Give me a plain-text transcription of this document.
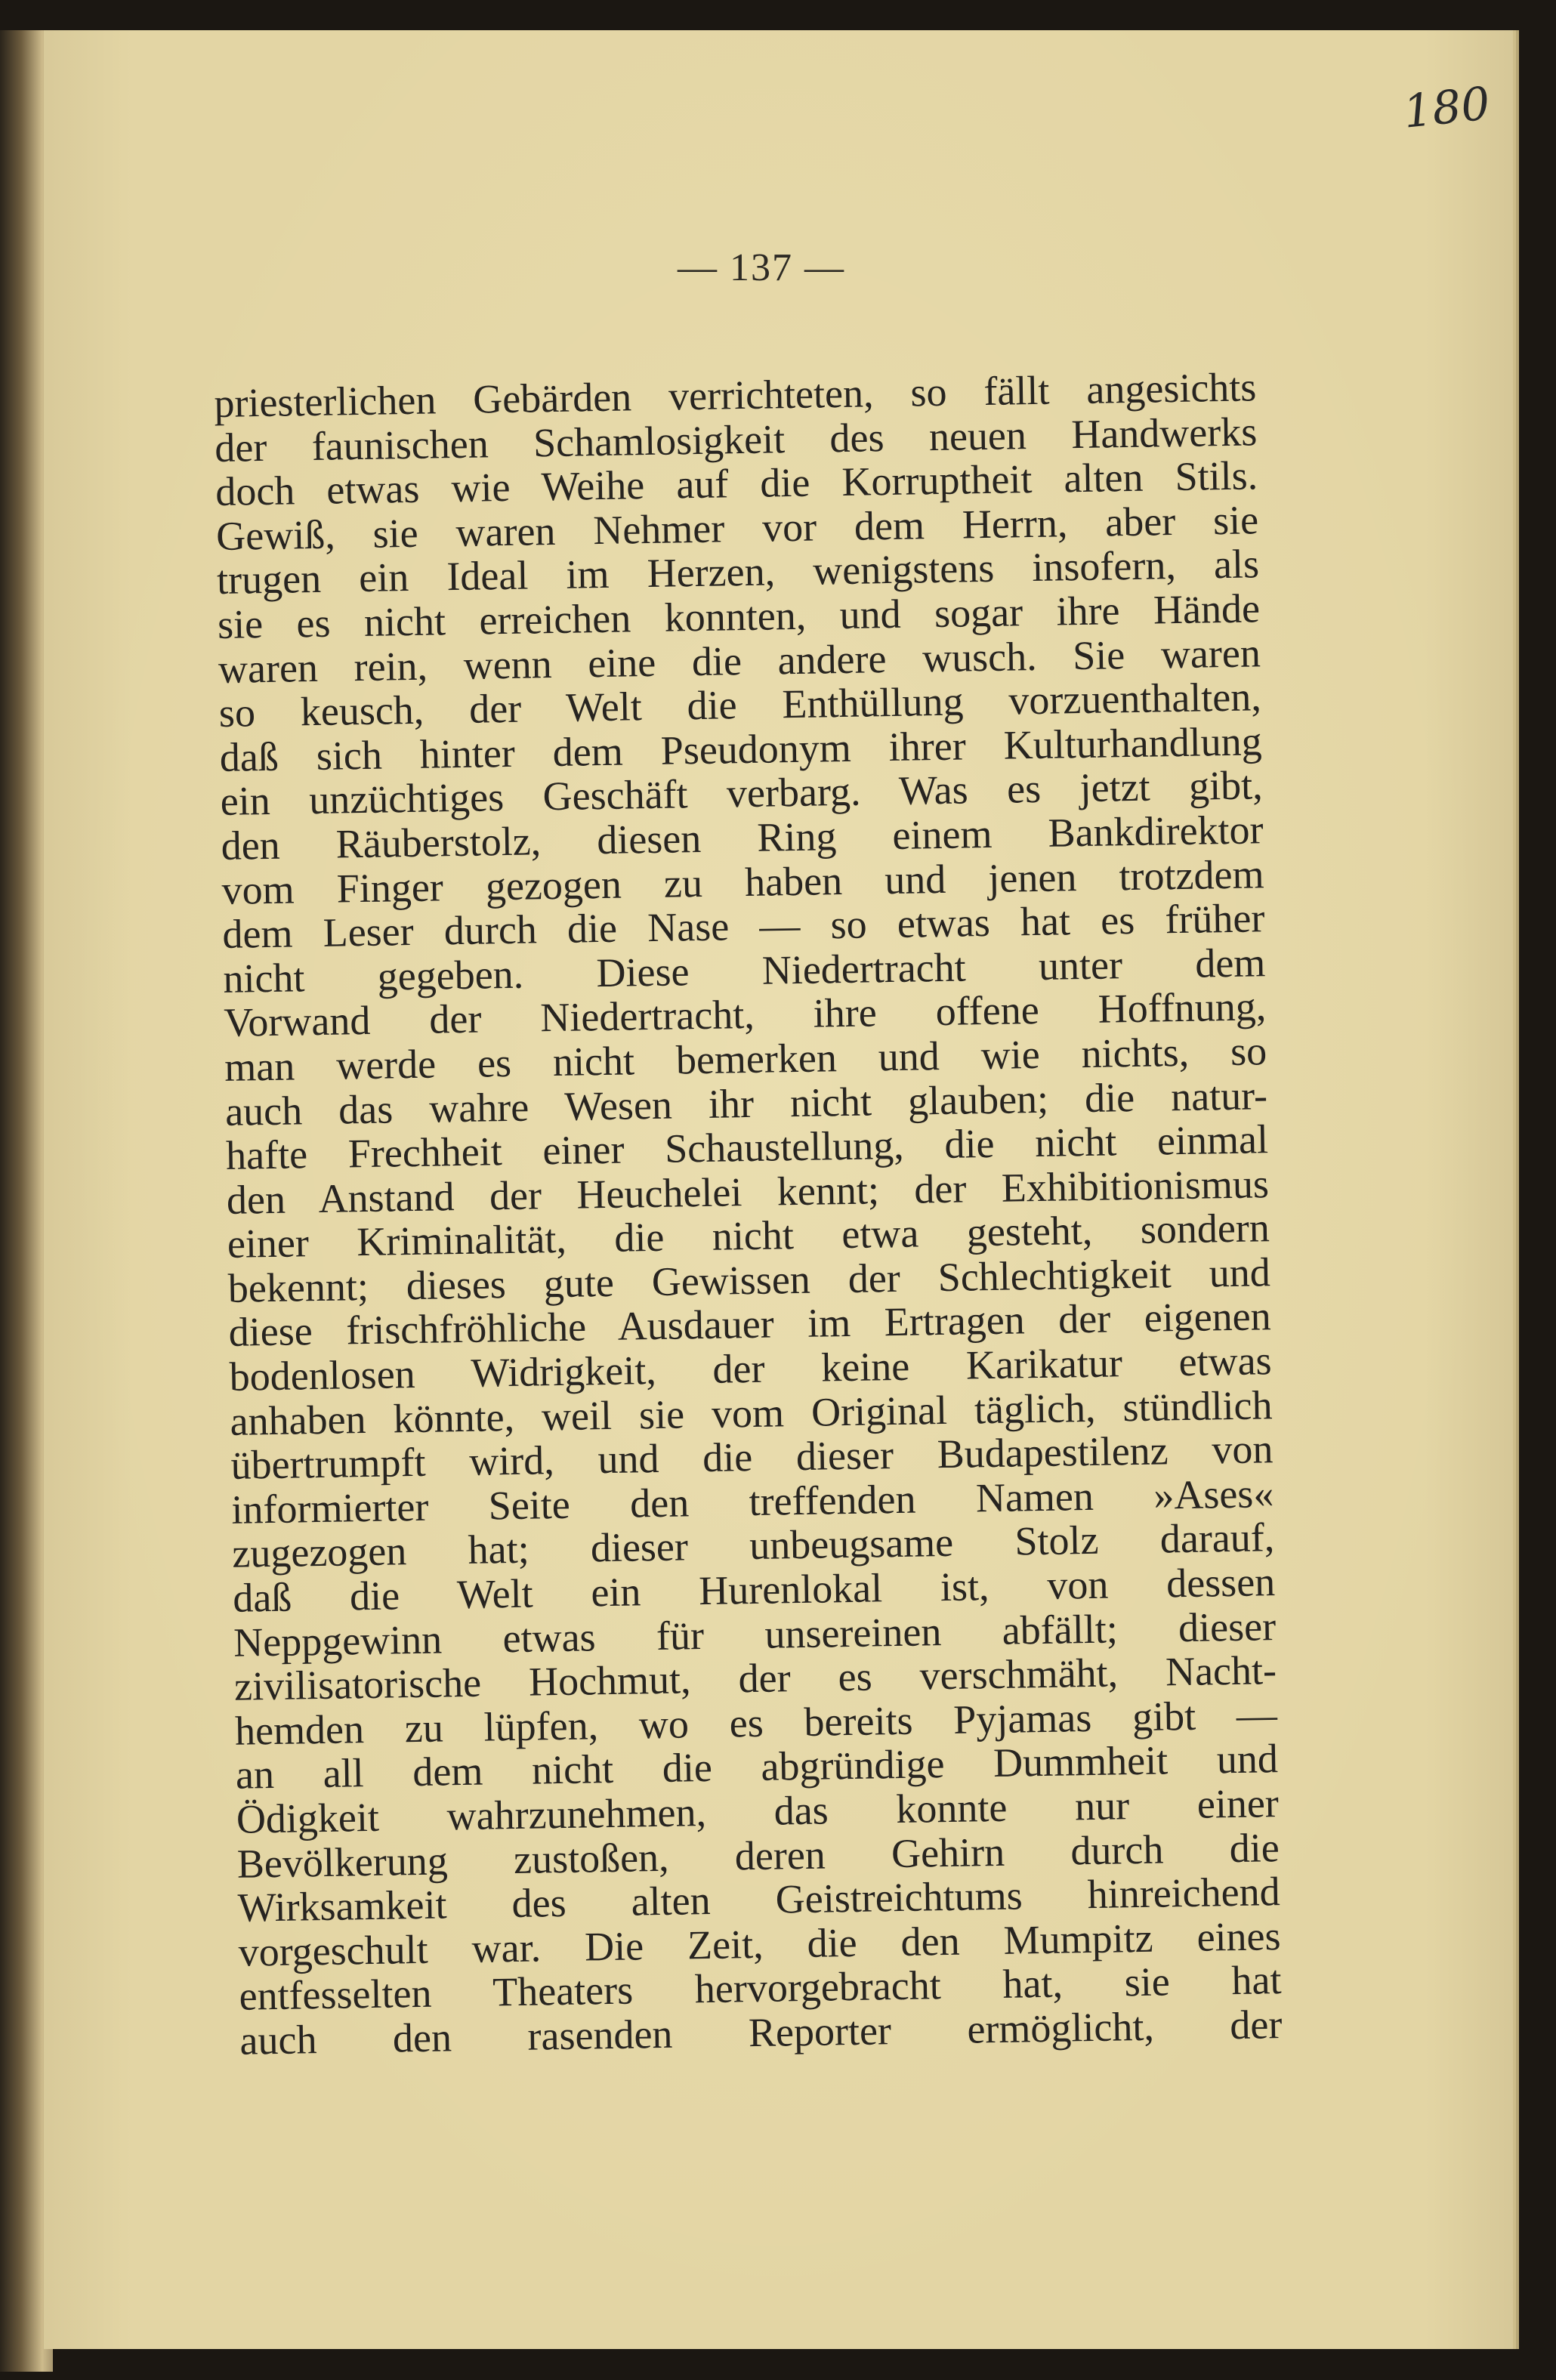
180
— 137 —
priesterlichen Gebärden verrichteten, so fällt angesichts
der faunischen Schamlosigkeit des neuen Handwerks
doch etwas wie Weihe auf die Korruptheit alten Stils.
Gewiß, sie waren Nehmer vor dem Herrn, aber sie
trugen ein Ideal im Herzen, wenigstens insofern, als
sie es nicht erreichen konnten, und sogar ihre Hände
waren rein, wenn eine die andere wusch. Sie waren
so keusch, der Welt die Enthüllung vorzuenthalten,
daß sich hinter dem Pseudonym ihrer Kulturhandlung
ein unzüchtiges Geschäft verbarg. Was es jetzt gibt,
den Räuberstolz, diesen Ring einem Bankdirektor
vom Finger gezogen zu haben und jenen trotzdem
dem Leser durch die Nase — so etwas hat es früher
nicht gegeben. Diese Niedertracht unter dem
Vorwand der Niedertracht, ihre offene Hoffnung,
man werde es nicht bemerken und wie nichts, so
auch das wahre Wesen ihr nicht glauben; die natur-
hafte Frechheit einer Schaustellung, die nicht einmal
den Anstand der Heuchelei kennt; der Exhibitionismus
einer Kriminalität, die nicht etwa gesteht, sondern
bekennt; dieses gute Gewissen der Schlechtigkeit und
diese frischfröhliche Ausdauer im Ertragen der eigenen
bodenlosen Widrigkeit, der keine Karikatur etwas
anhaben könnte, weil sie vom Original täglich, stündlich
übertrumpft wird, und die dieser Budapestilenz von
informierter Seite den treffenden Namen »Ases«
zugezogen hat; dieser unbeugsame Stolz darauf,
daß die Welt ein Hurenlokal ist, von dessen
Neppgewinn etwas für unsereinen abfällt; dieser
zivilisatorische Hochmut, der es verschmäht, Nacht-
hemden zu lüpfen, wo es bereits Pyjamas gibt —
an all dem nicht die abgründige Dummheit und
Ödigkeit wahrzunehmen, das konnte nur einer
Bevölkerung zustoßen, deren Gehirn durch die
Wirksamkeit des alten Geistreichtums hinreichend
vorgeschult war. Die Zeit, die den Mumpitz eines
entfesselten Theaters hervorgebracht hat, sie hat
auch den rasenden Reporter ermöglicht, der
